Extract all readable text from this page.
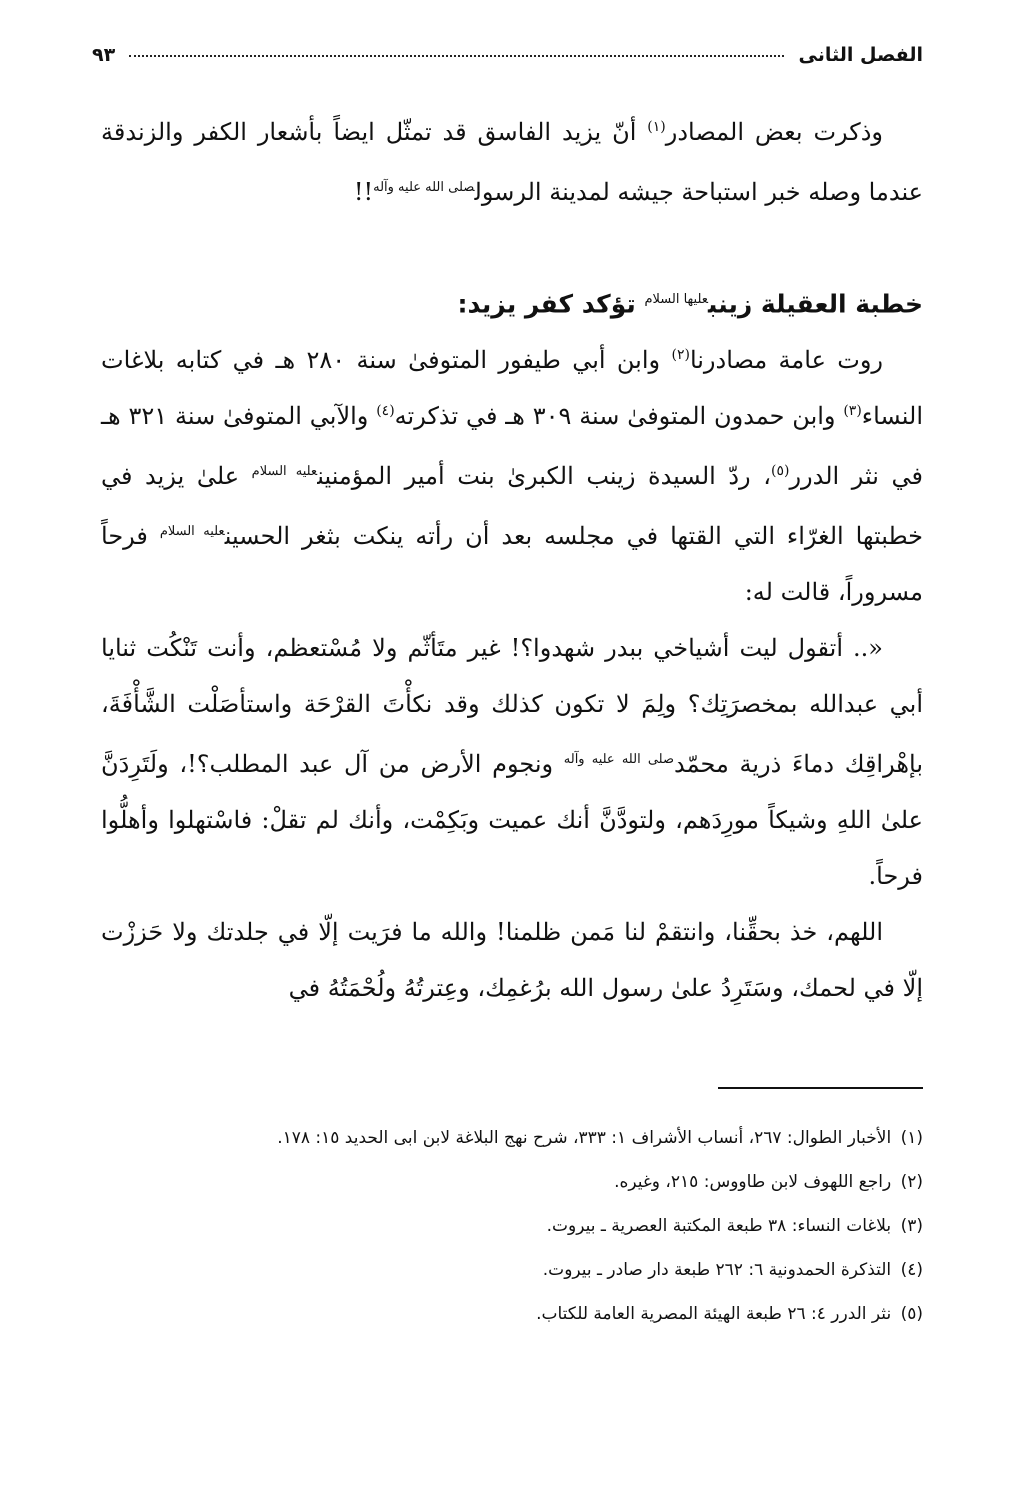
الفصل الثانى
٩٣

وذكرت بعض المصادر$^{(١)}$ أنّ يزيد الفاسق قد تمثّل ايضاً بأشعار الكفر والزندقة عندما وصله خبر استباحة جيشه لمدينة الرسول$^{صلى الله عليه وآله}$!!

خطبة العقيلة زينب$^{عليها السلام}$ تؤكد كفر يزيد:

روت عامة مصادرنا$^{(٢)}$ وابن أبي طيفور المتوفىٰ سنة ٢٨٠ هـ في كتابه بلاغات النساء$^{(٣)}$ وابن حمدون المتوفىٰ سنة ٣٠٩ هـ في تذكرته$^{(٤)}$ والآبي المتوفىٰ سنة ٣٢١ هـ في نثر الدرر$^{(٥)}$، ردّ السيدة زينب الكبرىٰ بنت أمير المؤمنين$^{عليه السلام}$ علىٰ يزيد في خطبتها الغرّاء التي القتها في مجلسه بعد أن رأته ينكت بثغر الحسين$^{عليه السلام}$ فرحاً مسروراً، قالت له:

«.. أتقول ليت أشياخي ببدر شهدوا؟! غير متَأثّم ولا مُسْتعظم، وأنت تَنْكُت ثنايا أبي عبدالله بمخصرَتِك؟ ولِمَ لا تكون كذلك وقد نكأْتَ القرْحَة واستأصَلْت الشَّأْفَةَ، بإهْراقِك دماءَ ذرية محمّد$^{صلى الله عليه وآله}$ ونجوم الأرض من آل عبد المطلب؟!، ولَتَرِدَنَّ علىٰ اللهِ وشيكاً مورِدَهم، ولتودَّنَّ أنك عميت وبَكِمْت، وأنك لم تقلْ: فاسْتهلوا وأهلُّوا فرحاً.

اللهم، خذ بحقِّنا، وانتقمْ لنا مَمن ظلمنا! والله ما فرَيت إلّا في جلدتك ولا حَززْت إلّا في لحمك، وسَتَرِدُ علىٰ رسول الله برُغمِك، وعِترتُهُ ولُحْمَتُهُ في

(١) الأخبار الطوال: ٢٦٧، أنساب الأشراف ١: ٣٣٣، شرح نهج البلاغة لابن ابى الحديد ١٥: ١٧٨.
(٢) راجع اللهوف لابن طاووس: ٢١٥، وغيره.
(٣) بلاغات النساء: ٣٨ طبعة المكتبة العصرية ـ بيروت.
(٤) التذكرة الحمدونية ٦: ٢٦٢ طبعة دار صادر ـ بيروت.
(٥) نثر الدرر ٤: ٢٦ طبعة الهيئة المصرية العامة للكتاب.
